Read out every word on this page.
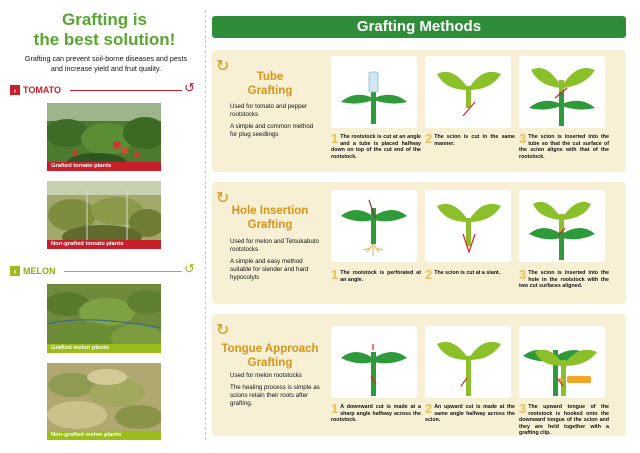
Grafting is
the best solution!
Grafting can prevent soil-borne diseases and pests and increase yield and fruit quality.
› TOMATO	↺
Grafted tomato plants
Non-grafted tomato plants
› MELON	↺
Grafted melon plants
Non-grafted melon plants
Grafting Methods
↻
Tube
Grafting

Used for tomato and pepper rootstocks

A simple and common method for plug seedlings	1 The rootstock is cut at an angle and a tube is placed halfway down on top of the cut end of the rootstock.
2 The scion is cut in the same manner.	3 The scion is inserted into the tube so that the cut surface of the scion aligns with that of the rootstock.
↻
Hole Insertion
Grafting

Used for melon and Tetsukabuto rootstocks

A simple and easy method suitable for slender and hard hypocotyls	1 The rootstock is perforated at an angle.	2 The scion is cut at a slant.	3 The scion is inserted into the hole in the rootstock with the two cut surfaces aligned.
↻
Tongue Approach
Grafting

Used for melon rootstocks

The healing process is simple as scions retain their roots after grafting.	1 A downward cut is made at a sharp angle halfway across the rootstock.
2 An upward cut is made at the same angle halfway across the scion.
3 The upward tongue of the rootstock is hooked onto the downward tongue of the scion and they are held together with a grafting clip.
